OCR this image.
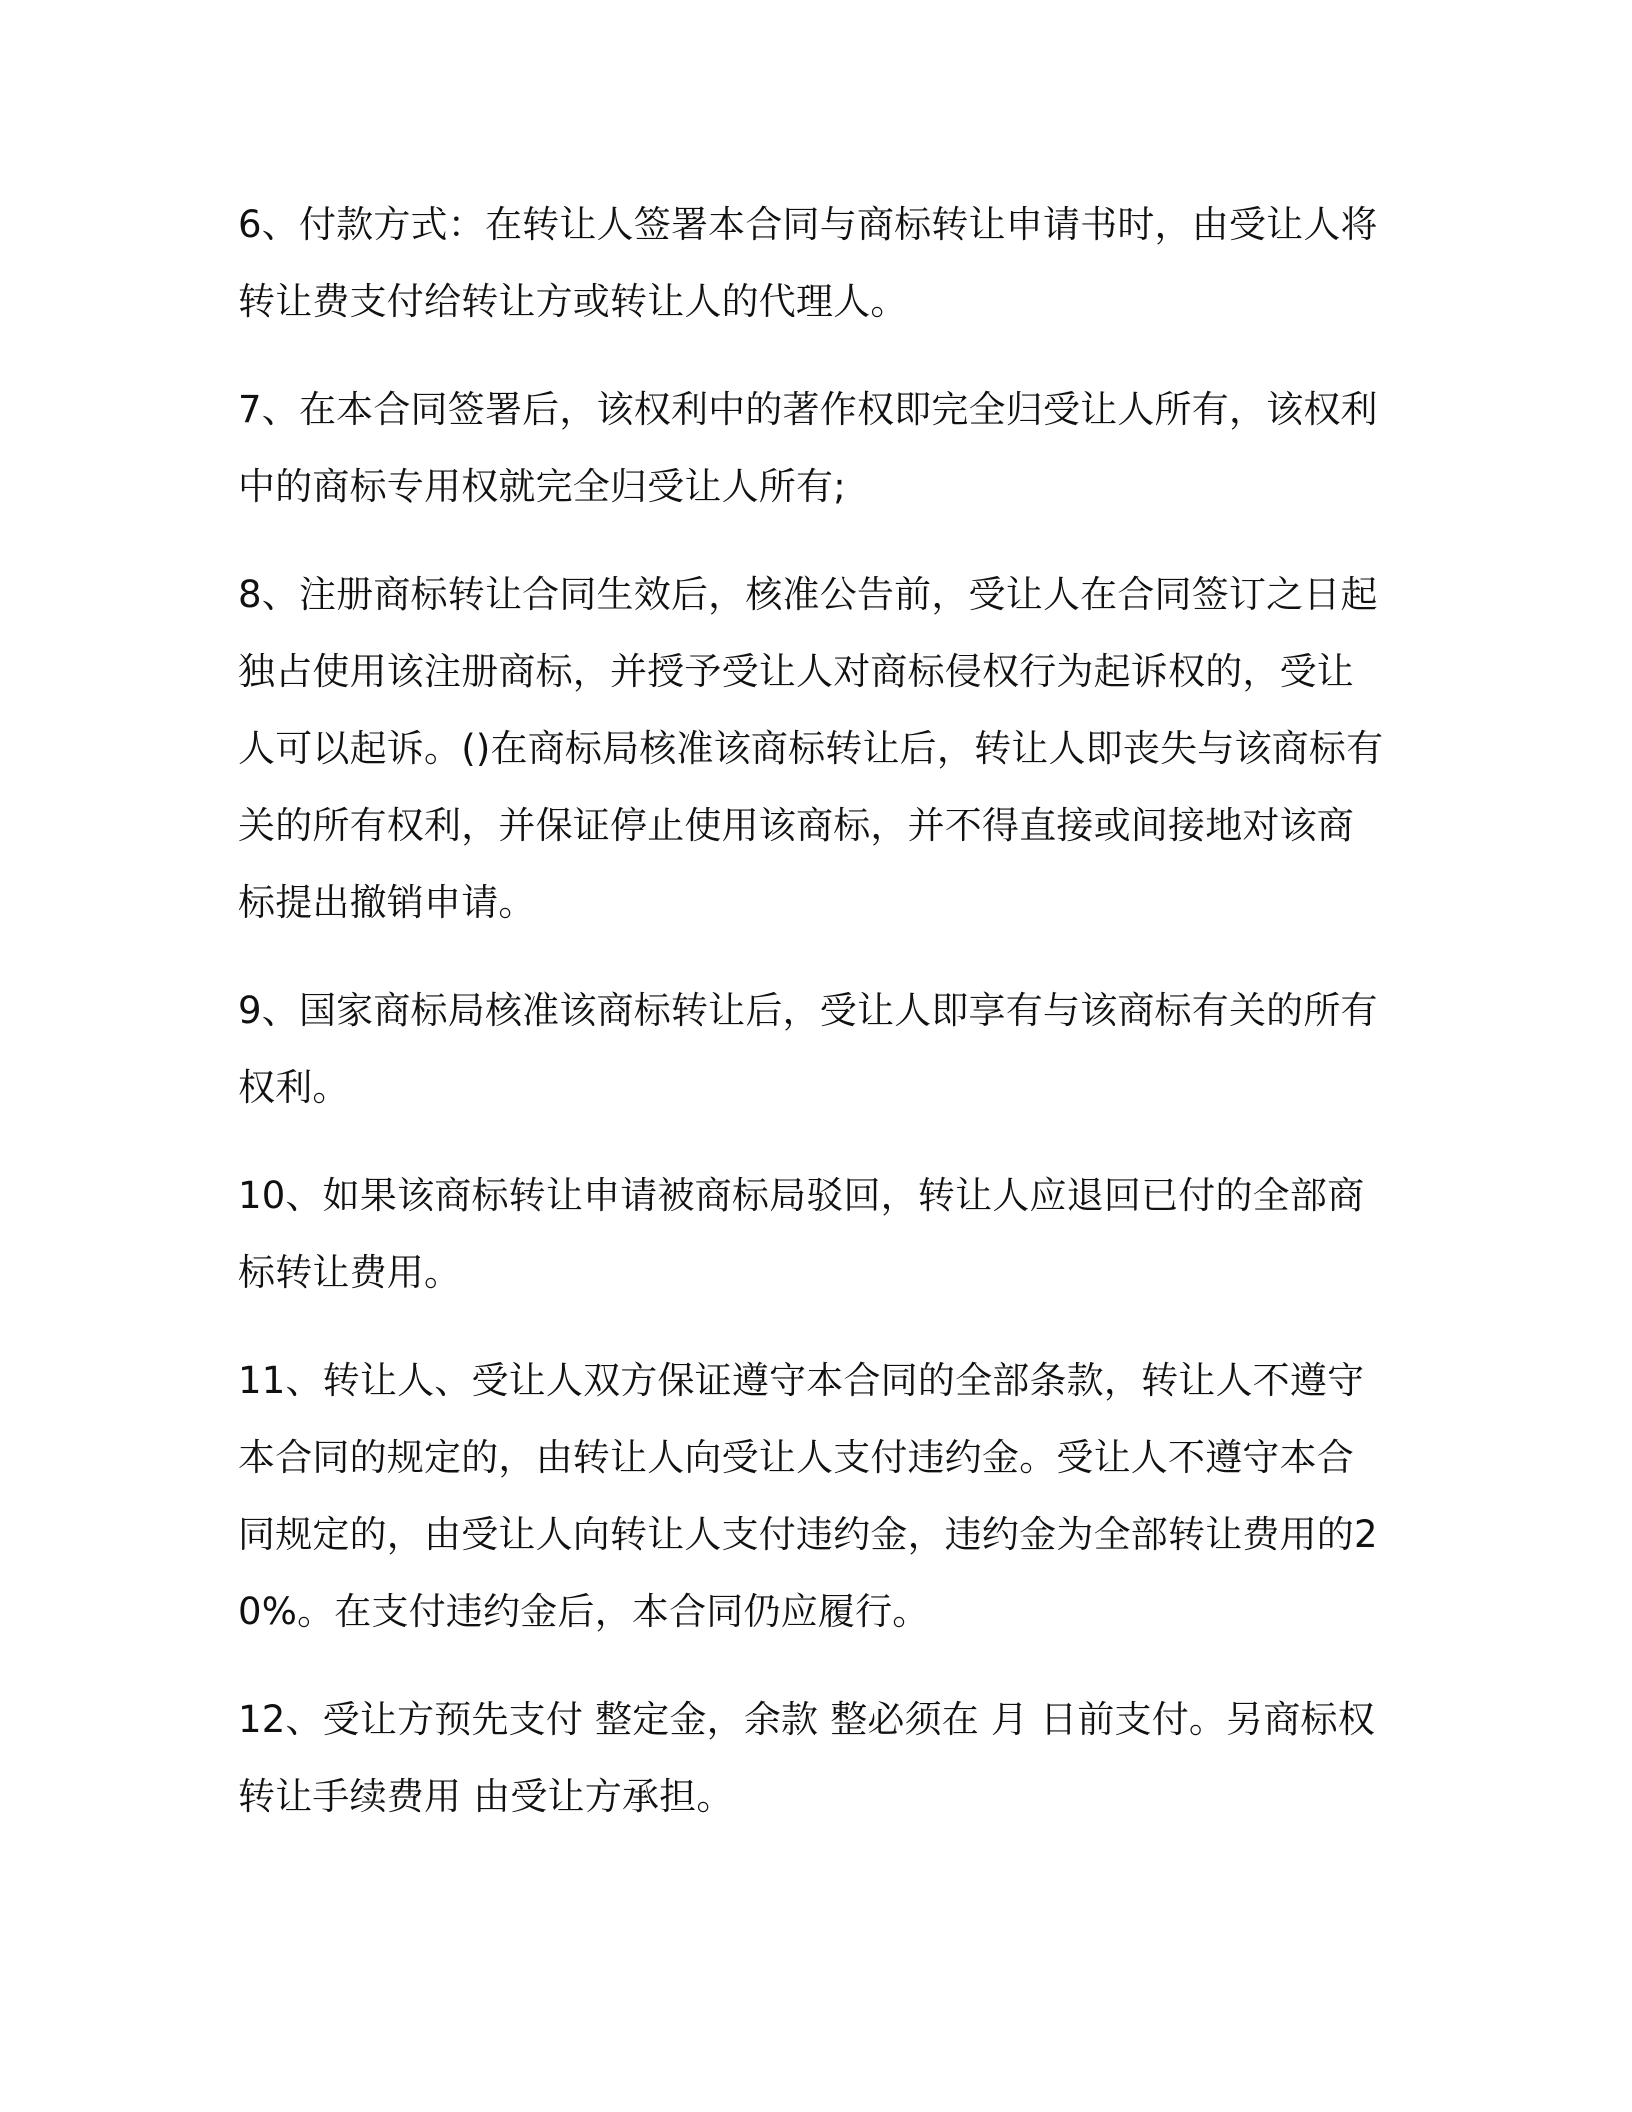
6、付款方式：在转让人签署本合同与商标转让申请书时，由受让人将转让费支付给转让方或转让人的代理人。

7、在本合同签署后，该权利中的著作权即完全归受让人所有，该权利中的商标专用权就完全归受让人所有;

8、注册商标转让合同生效后，核准公告前，受让人在合同签订之日起独占使用该注册商标，并授予受让人对商标侵权行为起诉权的，受让人可以起诉。()在商标局核准该商标转让后，转让人即丧失与该商标有关的所有权利，并保证停止使用该商标，并不得直接或间接地对该商标提出撤销申请。

9、国家商标局核准该商标转让后，受让人即享有与该商标有关的所有权利。

10、如果该商标转让申请被商标局驳回，转让人应退回已付的全部商标转让费用。

11、转让人、受让人双方保证遵守本合同的全部条款，转让人不遵守本合同的规定的，由转让人向受让人支付违约金。受让人不遵守本合同规定的，由受让人向转让人支付违约金，违约金为全部转让费用的20%。在支付违约金后，本合同仍应履行。

12、受让方预先支付 整定金，余款 整必须在 月 日前支付。另商标权转让手续费用 由受让方承担。
